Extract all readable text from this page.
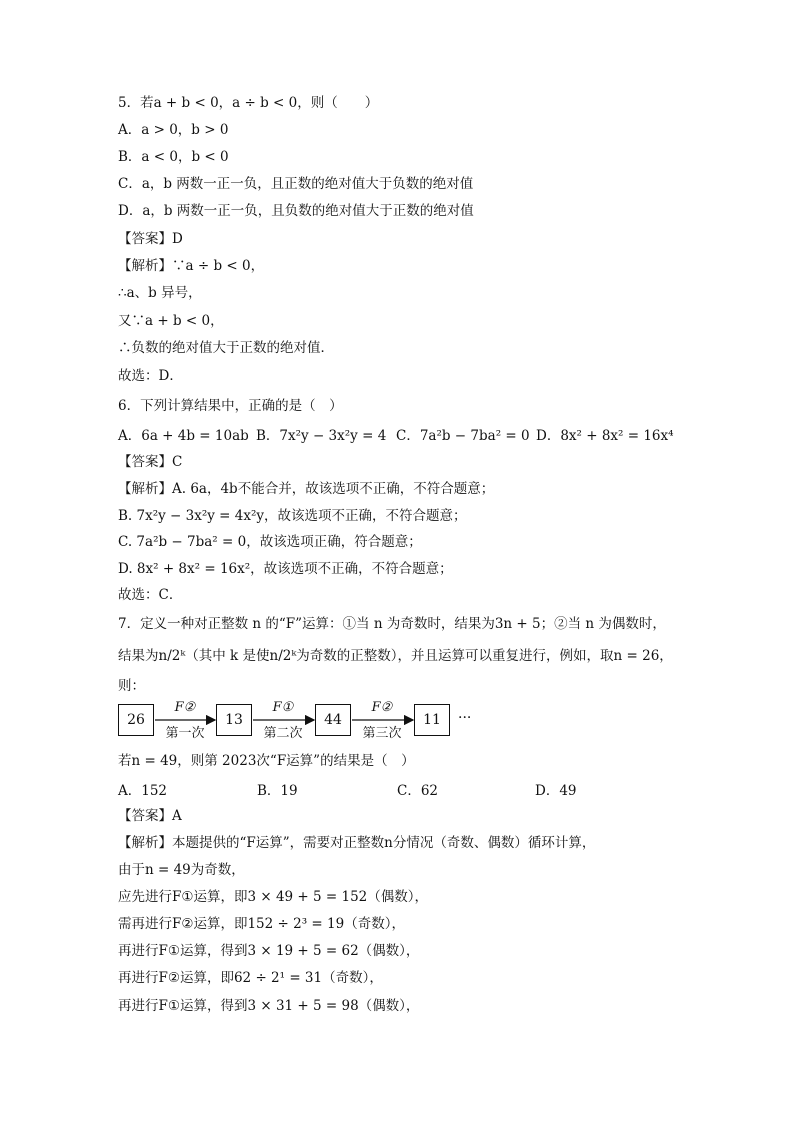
5．若a + b < 0，a ÷ b < 0，则（　　）
A．a > 0，b > 0
B．a < 0，b < 0
C．a，b 两数一正一负，且正数的绝对值大于负数的绝对值
D．a，b 两数一正一负，且负数的绝对值大于正数的绝对值
【答案】D
【解析】∵a ÷ b < 0，
∴a、b 异号，
又∵a + b < 0，
∴负数的绝对值大于正数的绝对值．
故选：D．
6．下列计算结果中，正确的是（　）
A．6a + 4b = 10ab B．7x²y − 3x²y = 4 C．7a²b − 7ba² = 0 D．8x² + 8x² = 16x⁴
【答案】C
【解析】A. 6a，4b不能合并，故该选项不正确，不符合题意；
B. 7x²y − 3x²y = 4x²y，故该选项不正确，不符合题意；
C. 7a²b − 7ba² = 0，故该选项正确，符合题意；
D. 8x² + 8x² = 16x²，故该选项不正确，不符合题意；
故选：C．
7．定义一种对正整数 n 的“F”运算：①当 n 为奇数时，结果为3n + 5；②当 n 为偶数时，
结果为n/2ᵏ（其中 k 是使n/2ᵏ为奇数的正整数），并且运算可以重复进行，例如，取n = 26，
则：
26	13	44	11
F②	F①	F②
第一次	第二次	第三次
···
若n = 49，则第 2023次“F运算”的结果是（　）
A．152	B．19	C．62	D．49
【答案】A
【解析】本题提供的“F运算”，需要对正整数n分情况（奇数、偶数）循环计算，
由于n = 49为奇数，
应先进行F①运算，即3 × 49 + 5 = 152（偶数），
需再进行F②运算，即152 ÷ 2³ = 19（奇数），
再进行F①运算，得到3 × 19 + 5 = 62（偶数），
再进行F②运算，即62 ÷ 2¹ = 31（奇数），
再进行F①运算，得到3 × 31 + 5 = 98（偶数），
